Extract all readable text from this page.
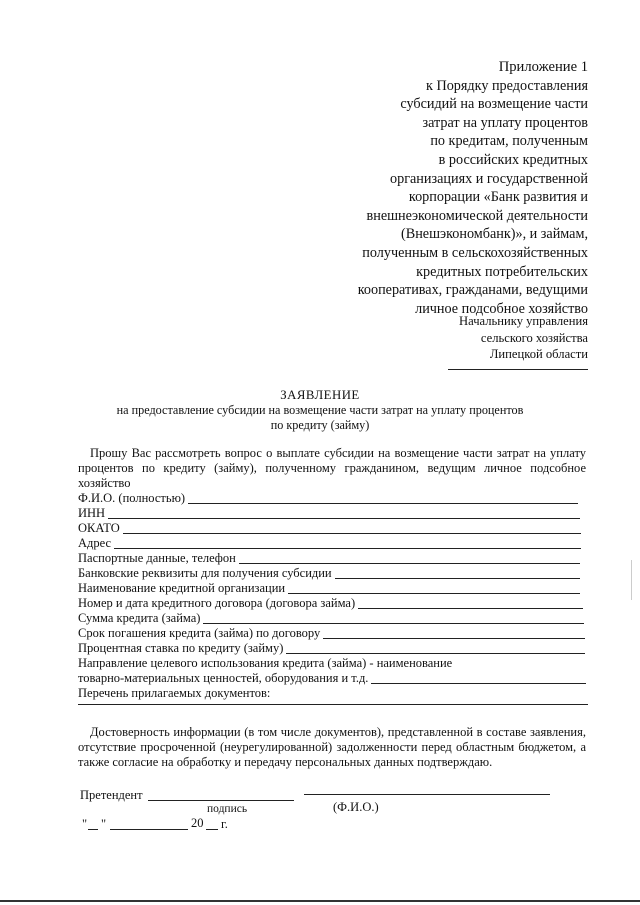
Приложение 1
к Порядку предоставления
субсидий на возмещение части
затрат на уплату процентов
по кредитам, полученным
в российских кредитных
организациях и государственной
корпорации «Банк развития и
внешнеэкономической деятельности
(Внешэкономбанк)», и займам,
полученным в сельскохозяйственных
кредитных потребительских
кооперативах, гражданами, ведущими
личное подсобное хозяйство
Начальнику управления
сельского хозяйства
Липецкой области
ЗАЯВЛЕНИЕ
на предоставление субсидии на возмещение части затрат на уплату процентов
по кредиту (займу)
Прошу Вас рассмотреть вопрос о выплате субсидии на возмещение части затрат на уплату процентов по кредиту (займу), полученному гражданином, ведущим личное подсобное хозяйство
Ф.И.О. (полностью)
ИНН
ОКАТО
Адрес
Паспортные данные, телефон
Банковские реквизиты для получения субсидии
Наименование кредитной организации
Номер и дата кредитного договора (договора займа)
Сумма кредита (займа)
Срок погашения кредита (займа) по договору
Процентная ставка по кредиту (займу)
Направление целевого использования кредита (займа) - наименование
товарно-материальных ценностей, оборудования и т.д.
Перечень прилагаемых документов:
Достоверность информации (в том числе документов), представленной в составе заявления, отсутствие просроченной (неурегулированной) задолженности перед областным бюджетом, а также согласие на обработку и передачу персональных данных подтверждаю.
Претендент
подпись	(Ф.И.О.)
" "	20 г.
